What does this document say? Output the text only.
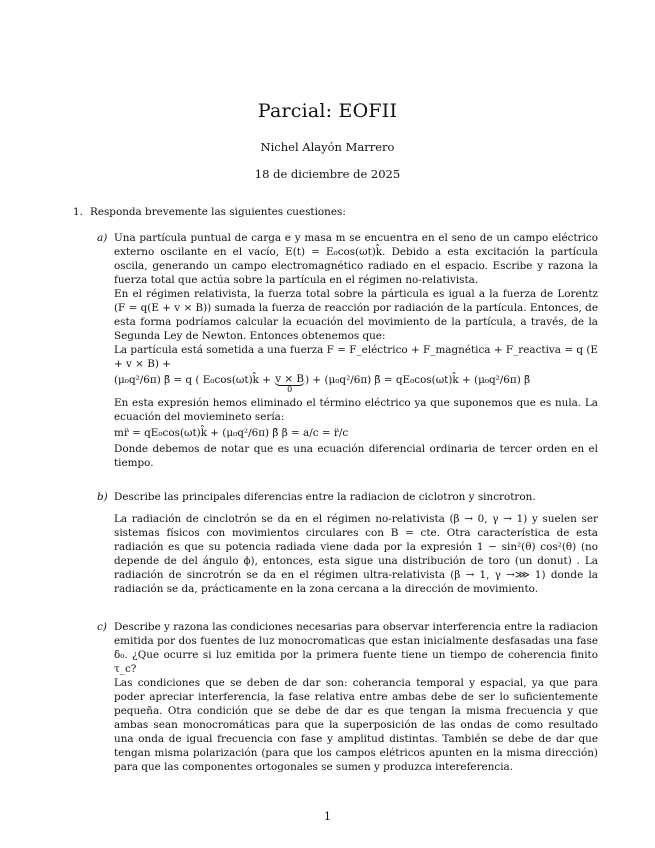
Parcial: EOFII
Nichel Alayón Marrero
18 de diciembre de 2025
1. Responda brevemente las siguientes cuestiones:

a) Una partícula puntual de carga e y masa m se encuentra en el seno de un campo eléctrico externo oscilante en el vacío, E(t) = E₀cos(ωt)k̂. Debido a esta excitación la partícula oscila, generando un campo electromagnético radiado en el espacio. Escribe y razona la fuerza total que actúa sobre la partícula en el régimen no-relativista.

En el régimen relativista, la fuerza total sobre la párticula es igual a la fuerza de Lorentz (F = q(E + v × B)) sumada la fuerza de reacción por radiación de la partícula. Entonces, de esta forma podríamos calcular la ecuación del movimiento de la partícula, a través, de la Segunda Ley de Newton. Entonces obtenemos que:

La partícula está sometida a una fuerza F = F_eléctrico + F_magnética + F_reactiva = q (E + v × B) +

(μ₀q²/6π) β̈ = q ( E₀cos(ωt)k̂ + v × B
0
) + (μ₀q²/6π) β̈ = qE₀cos(ωt)k̂ + (μ₀q²/6π) β̈

En esta expresión hemos eliminado el término eléctrico ya que suponemos que es nula. La ecuación del moviemineto sería:

mr̈ = qE₀cos(ωt)k̂ + (μ₀q²/6π) β̈ β = a/c = r̈/c

Donde debemos de notar que es una ecuación diferencial ordinaria de tercer orden en el tiempo.

b) Describe las principales diferencias entre la radiacion de ciclotron y sincrotron.

La radiación de cinclotrón se da en el régimen no-relativista (β → 0, γ → 1) y suelen ser sistemas físicos con movimientos circulares con B = cte. Otra característica de esta radiación es que su potencia radiada viene dada por la expresión 1 − sin²(θ) cos²(θ) (no depende de del ángulo ϕ), entonces, esta sigue una distribución de toro (un donut) . La radiación de sincrotrón se da en el régimen ultra-relativista (β → 1, γ →⋙ 1) donde la radiación se da, prácticamente en la zona cercana a la dirección de movimiento.

c) Describe y razona las condiciones necesarias para observar interferencia entre la radiacion emitida por dos fuentes de luz monocromaticas que estan inicialmente desfasadas una fase δ₀. ¿Que ocurre si luz emitida por la primera fuente tiene un tiempo de coherencia finito τ_c?

Las condiciones que se deben de dar son: coherancia temporal y espacial, ya que para poder apreciar interferencia, la fase relativa entre ambas debe de ser lo suficientemente pequeña. Otra condición que se debe de dar es que tengan la misma frecuencia y que ambas sean monocromáticas para que la superposición de las ondas de como resultado una onda de igual frecuencia con fase y amplitud distintas. También se debe de dar que tengan misma polarización (para que los campos elétricos apunten en la misma dirección) para que las componentes ortogonales se sumen y produzca intereferencia.

1
